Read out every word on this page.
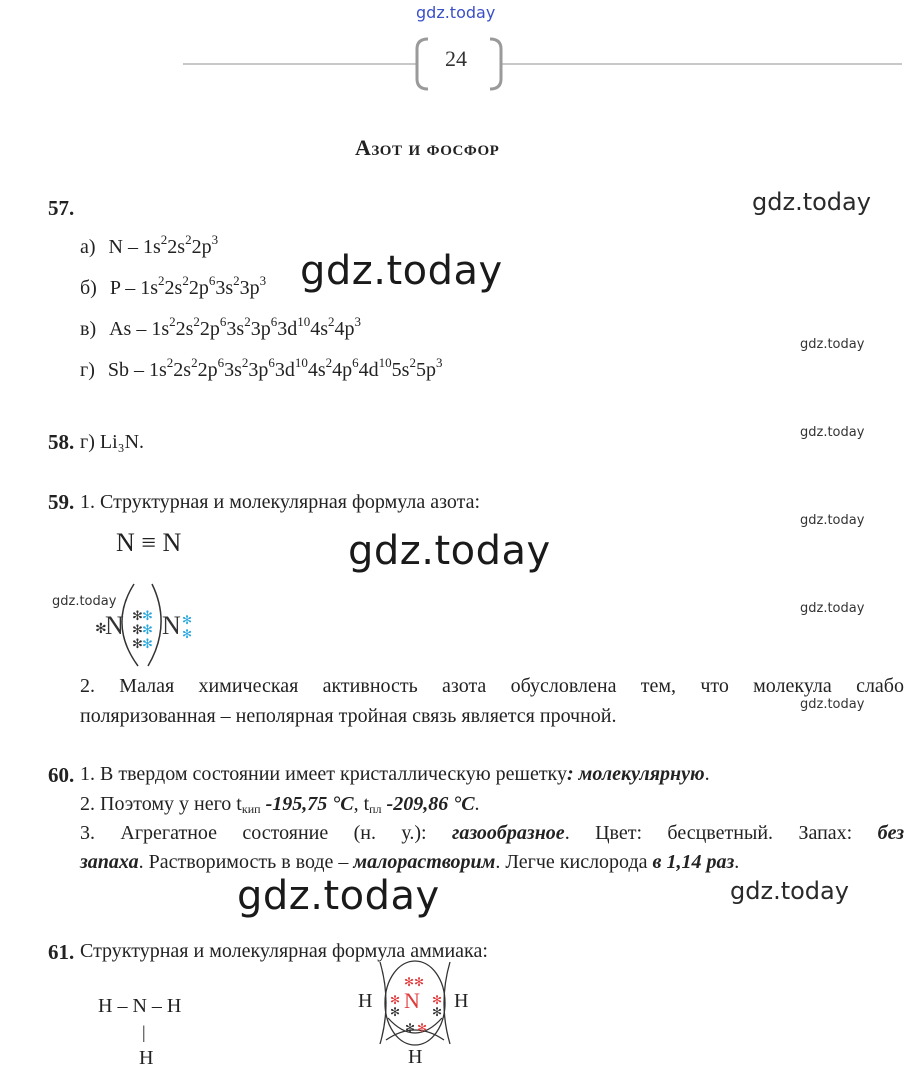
gdz.today
24
Азот и фосфор
gdz.today
gdz.today
gdz.today
gdz.today
gdz.today
gdz.today
gdz.today	gdz.today
gdz.today
gdz.today	gdz.today
57.
а) N – $1s^22s^22p^3$
б) P – $1s^22s^22p^63s^23p^3$
в) As – $1s^22s^22p^63s^23p^63d^{10}4s^24p^3$
г) Sb – $1s^22s^22p^63s^23p^63d^{10}4s^24p^64d^{10}5s^25p^3$
58. г) Li₃N.
59. 1. Структурная и молекулярная формула азота:
N ≡ N
✻
N ✻
✻
✻
✻
✻
✻
N ✻
✻
2. Малая химическая активность азота обусловлена тем, что молекула слабо
поляризованная – неполярная тройная связь является прочной.
60. 1. В твердом состоянии имеет кристаллическую решетку: молекулярную.
2. Поэтому у него $t_{кип}$ -195,75 °C, $t_{пл}$ -209,86 °C.
3. Агрегатное состояние (н. у.): газообразное. Цвет: бесцветный. Запах: без
запаха. Растворимость в воде – малорастворим. Легче кислорода в 1,14 раз.
61. Структурная и молекулярная формула аммиака:
H – N – H
|
H
✻✻
✻
✻
✻
✻
✻ ✻
N
H	H
H
